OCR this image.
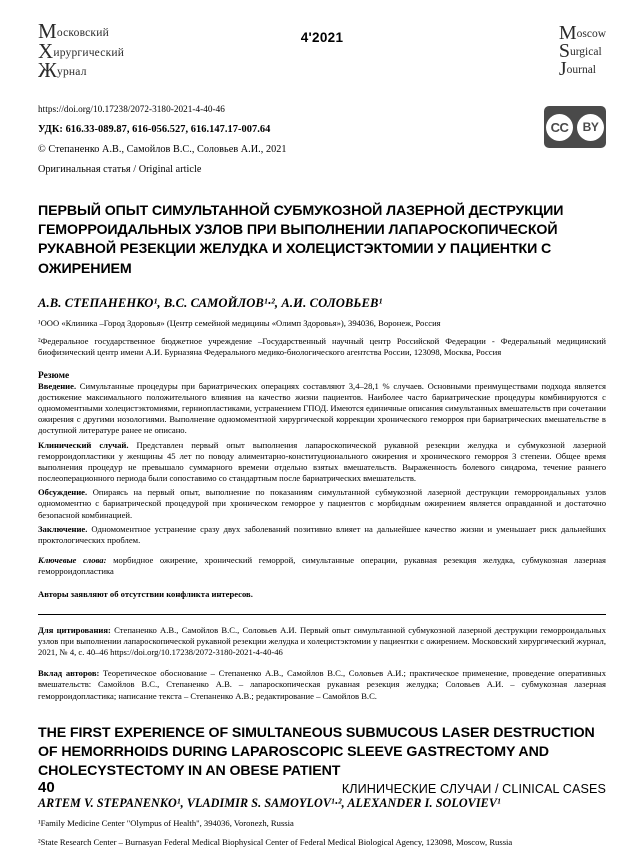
Московский
Хирургический
Журнал
4'2021	Moscow
Surgical
Journal
https://doi.org/10.17238/2072-3180-2021-4-40-46
УДК: 616.33-089.87, 616-056.527, 616.147.17-007.64
© Степаненко А.В., Самойлов В.С., Соловьев А.И., 2021
Оригинальная статья / Original article
CC	BY
ПЕРВЫЙ ОПЫТ СИМУЛЬТАННОЙ СУБМУКОЗНОЙ ЛАЗЕРНОЙ ДЕСТРУКЦИИ ГЕМОРРОИДАЛЬНЫХ УЗЛОВ ПРИ ВЫПОЛНЕНИИ ЛАПАРОСКОПИЧЕСКОЙ РУКАВНОЙ РЕЗЕКЦИИ ЖЕЛУДКА И ХОЛЕЦИСТЭКТОМИИ У ПАЦИЕНТКИ С ОЖИРЕНИЕМ
А.В. СТЕПАНЕНКО¹, В.С. САМОЙЛОВ¹·², А.И. СОЛОВЬЕВ¹
¹ООО «Клиника –Город Здоровья» (Центр семейной медицины «Олимп Здоровья»), 394036, Воронеж, Россия
²Федеральное государственное бюджетное учреждение –Государственный научный центр Российской Федерации - Федеральный медицинский биофизический центр имени А.И. Бурназяна Федерального медико-биологического агентства России, 123098, Москва, Россия
Резюме

Введение. Симультанные процедуры при бариатрических операциях составляют 3,4–28,1 % случаев. Основными преимуществами подхода является достижение максимального положительного влияния на качество жизни пациентов. Наиболее часто бариатрические процедуры комбинируются с одномоментными холецистэктомиями, герниопластиками, устранением ГПОД. Имеются единичные описания симультанных вмешательств при сочетании ожирения с другими нозологиями. Выполнение одномоментной хирургической коррекции хронического геморроя при бариатрических вмешательстве в доступной литературе ранее не описано.

Клинический случай. Представлен первый опыт выполнения лапароскопической рукавной резекции желудка и субмукозной лазерной геморроидопластики у женщины 45 лет по поводу алиментарно-конституционального ожирения и хронического геморроя 3 степени. Общее время выполнения процедур не превышало суммарного времени отдельно взятых вмешательств. Выраженность болевого синдрома, течение раннего послеоперационного периода были сопоставимо со стандартным после бариатрических вмешательств.

Обсуждение. Опираясь на первый опыт, выполнение по показаниям симультанной субмукозной лазерной деструкции геморроидальных узлов одномоментно с бариатрической процедурой при хроническом геморрое у пациентов с морбидным ожирением является оправданной и достаточно безопасной комбинацией.

Заключение. Одномоментное устранение сразу двух заболеваний позитивно влияет на дальнейшее качество жизни и уменьшает риск дальнейших проктологических проблем.

Ключевые слова: морбидное ожирение, хронический геморрой, симультанные операции, рукавная резекция желудка, субмукозная лазерная геморроидопластика
Авторы заявляют об отсутствии конфликта интересов.
Для цитирования: Степаненко А.В., Самойлов В.С., Соловьев А.И. Первый опыт симультанной субмукозной лазерной деструкции геморроидальных узлов при выполнении лапароскопической рукавной резекции желудка и холецистэктомии у пациентки с ожирением. Московский хирургический журнал, 2021, № 4, с. 40–46 https://doi.org/10.17238/2072-3180-2021-4-40-46
Вклад авторов: Теоретическое обоснование – Степаненко А.В., Самойлов В.С., Соловьев А.И.; практическое применение, проведение оперативных вмешательств: Самойлов В.С., Степаненко А.В. – лапароскопическая рукавная резекция желудка; Соловьев А.И. – субмукозная лазерная геморроидопластика; написание текста – Степаненко А.В.; редактирование – Самойлов В.С.
THE FIRST EXPERIENCE OF SIMULTANEOUS SUBMUCOUS LASER DESTRUCTION OF HEMORRHOIDS DURING LAPAROSCOPIC SLEEVE GASTRECTOMY AND CHOLECYSTECTOMY IN AN OBESE PATIENT
ARTEM V. STEPANENKO¹, VLADIMIR S. SAMOYLOV¹·², ALEXANDER I. SOLOVIEV¹
¹Family Medicine Center "Olympus of Health", 394036, Voronezh, Russia
²State Research Center – Burnasyan Federal Medical Biophysical Center of Federal Medical Biological Agency, 123098, Moscow, Russia
40	КЛИНИЧЕСКИЕ СЛУЧАИ / CLINICAL CASES
